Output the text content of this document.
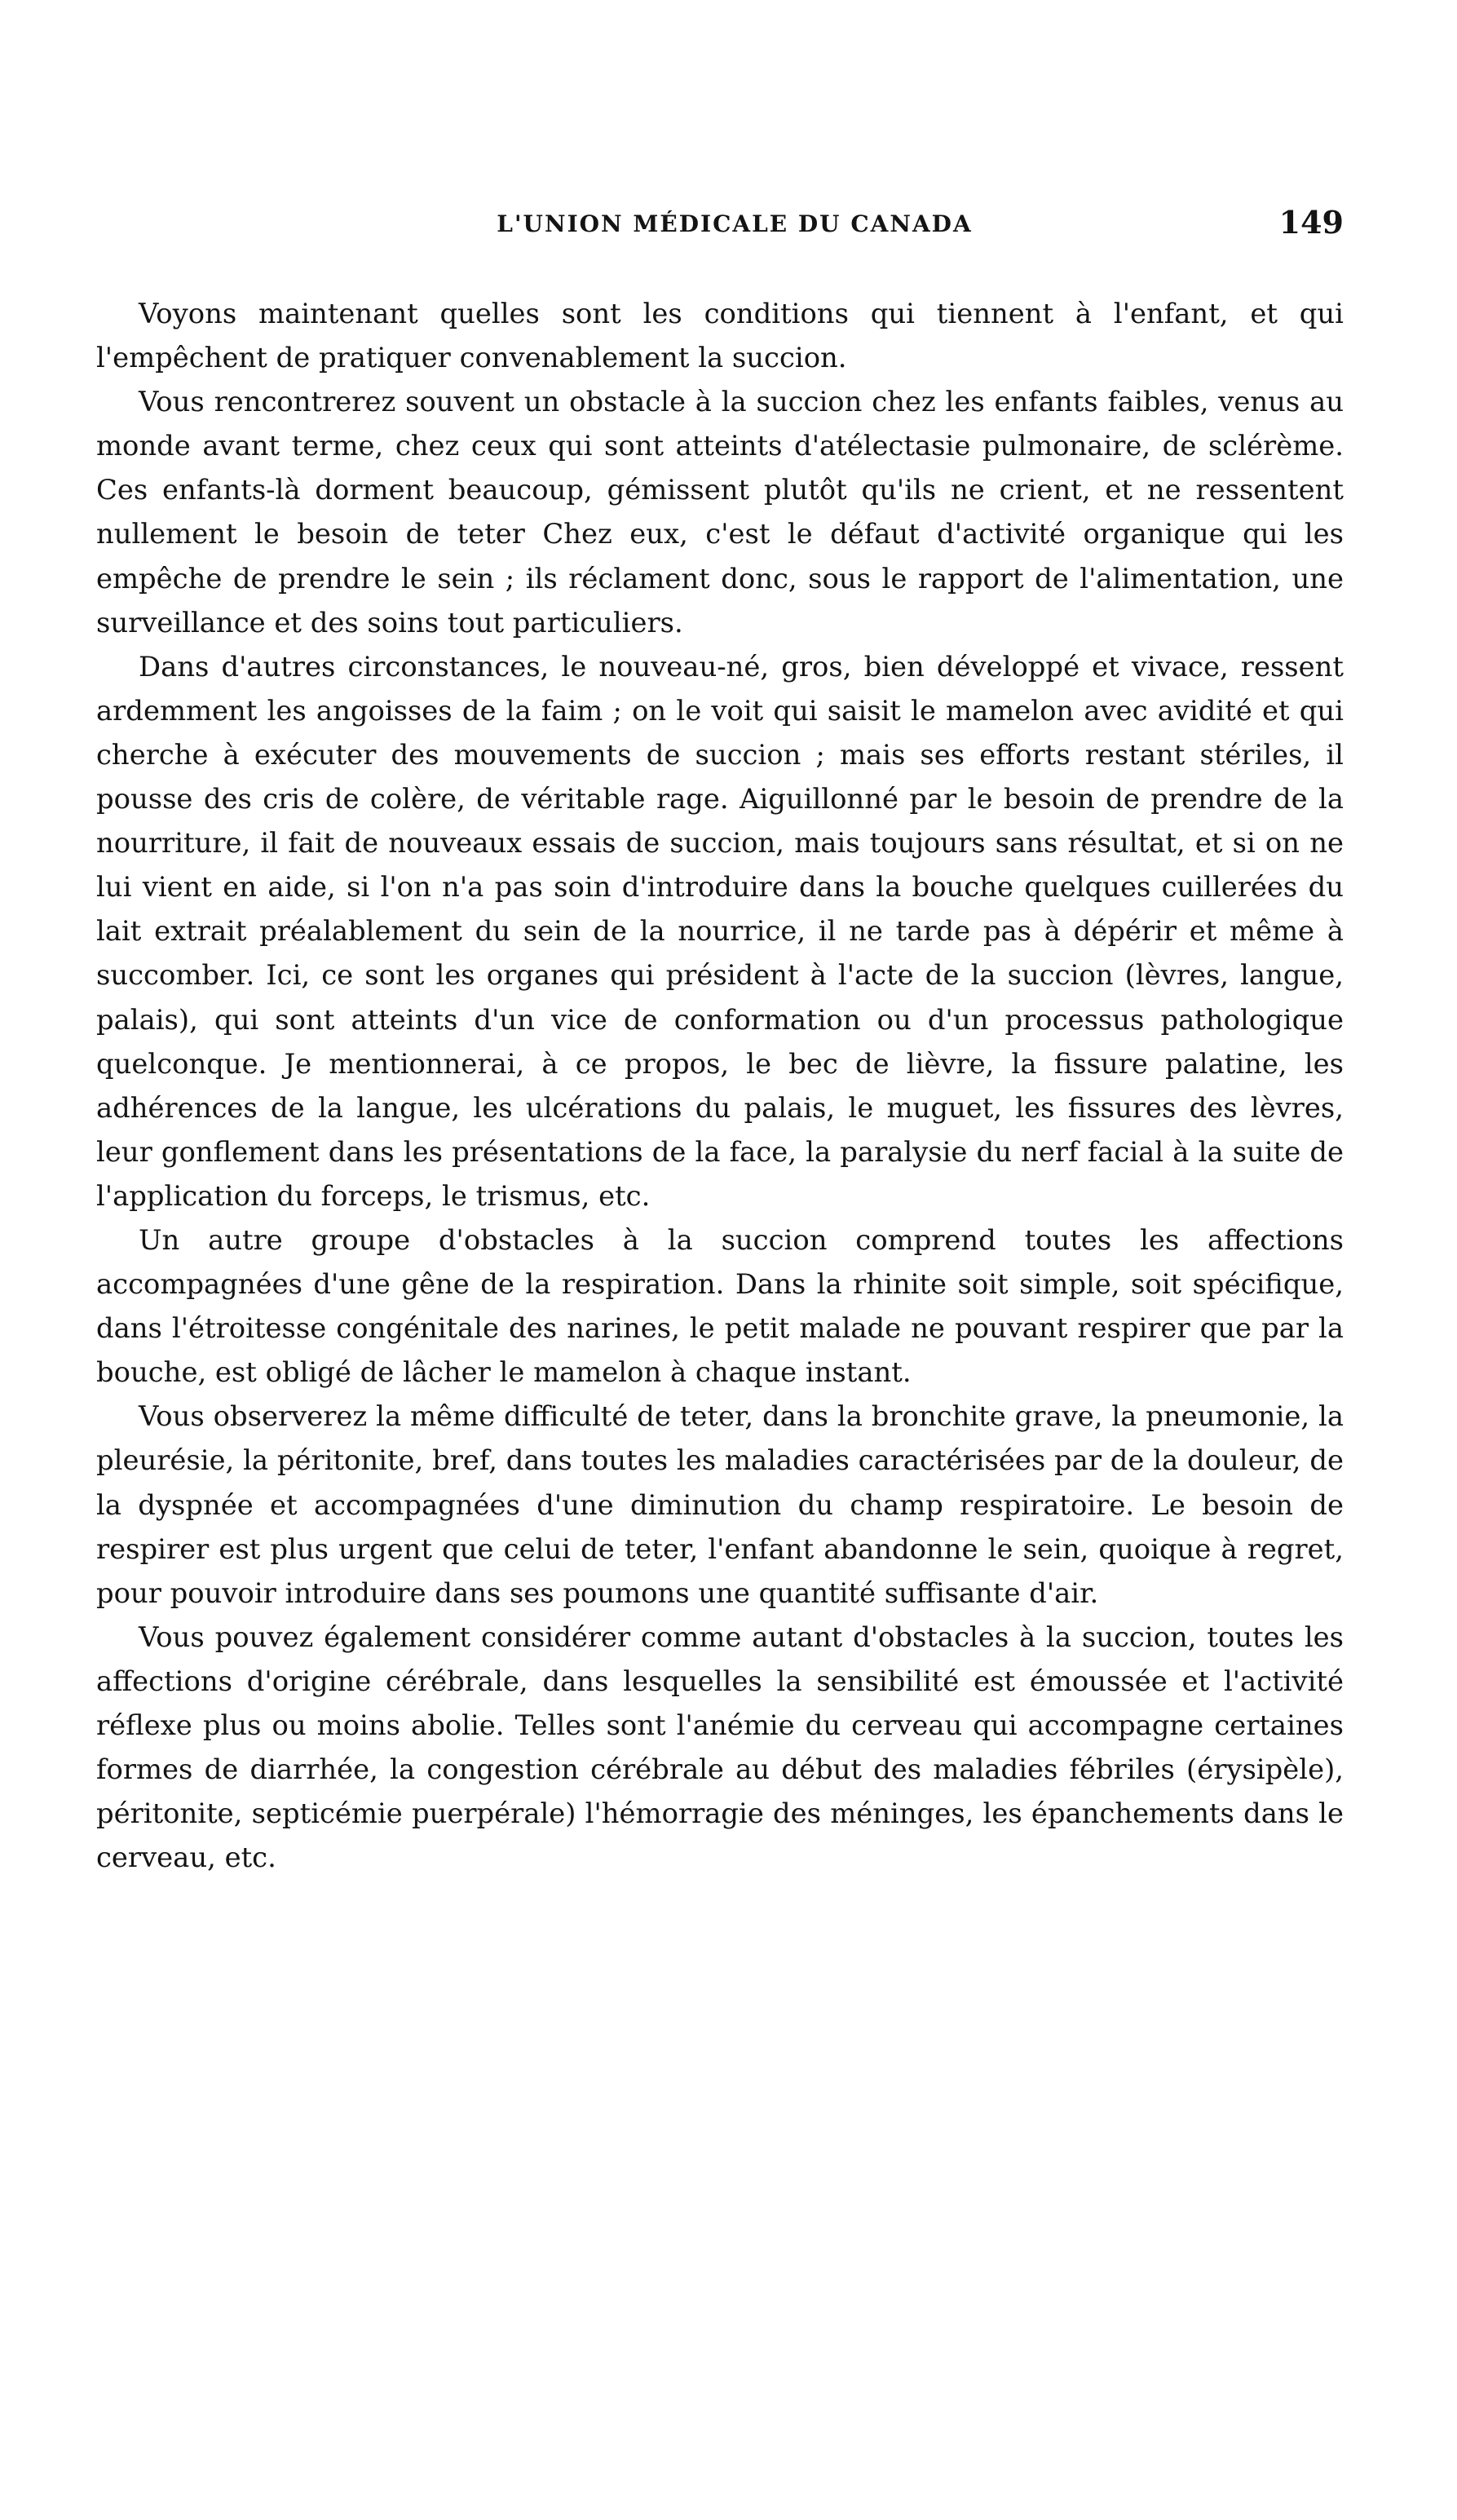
L'UNION MÉDICALE DU CANADA	149

Voyons maintenant quelles sont les conditions qui tiennent à l'enfant, et qui l'empêchent de pratiquer convenablement la succion.

Vous rencontrerez souvent un obstacle à la succion chez les enfants faibles, venus au monde avant terme, chez ceux qui sont atteints d'atélectasie pulmonaire, de sclérème. Ces enfants-là dorment beaucoup, gémissent plutôt qu'ils ne crient, et ne ressentent nullement le besoin de teter Chez eux, c'est le défaut d'activité organique qui les empêche de prendre le sein ; ils réclament donc, sous le rapport de l'alimentation, une surveillance et des soins tout particuliers.

Dans d'autres circonstances, le nouveau-né, gros, bien développé et vivace, ressent ardemment les angoisses de la faim ; on le voit qui saisit le mamelon avec avidité et qui cherche à exécuter des mouvements de succion ; mais ses efforts restant stériles, il pousse des cris de colère, de véritable rage. Aiguillonné par le besoin de prendre de la nourriture, il fait de nouveaux essais de succion, mais toujours sans résultat, et si on ne lui vient en aide, si l'on n'a pas soin d'introduire dans la bouche quelques cuillerées du lait extrait préalablement du sein de la nourrice, il ne tarde pas à dépérir et même à succomber. Ici, ce sont les organes qui président à l'acte de la succion (lèvres, langue, palais), qui sont atteints d'un vice de conformation ou d'un processus pathologique quelconque. Je mentionnerai, à ce propos, le bec de lièvre, la fissure palatine, les adhérences de la langue, les ulcérations du palais, le muguet, les fissures des lèvres, leur gonflement dans les présentations de la face, la paralysie du nerf facial à la suite de l'application du forceps, le trismus, etc.

Un autre groupe d'obstacles à la succion comprend toutes les affections accompagnées d'une gêne de la respiration. Dans la rhinite soit simple, soit spécifique, dans l'étroitesse congénitale des narines, le petit malade ne pouvant respirer que par la bouche, est obligé de lâcher le mamelon à chaque instant.

Vous observerez la même difficulté de teter, dans la bronchite grave, la pneumonie, la pleurésie, la péritonite, bref, dans toutes les maladies caractérisées par de la douleur, de la dyspnée et accompagnées d'une diminution du champ respiratoire. Le besoin de respirer est plus urgent que celui de teter, l'enfant abandonne le sein, quoique à regret, pour pouvoir introduire dans ses poumons une quantité suffisante d'air.

Vous pouvez également considérer comme autant d'obstacles à la succion, toutes les affections d'origine cérébrale, dans lesquelles la sensibilité est émoussée et l'activité réflexe plus ou moins abolie. Telles sont l'anémie du cerveau qui accompagne certaines formes de diarrhée, la congestion cérébrale au début des maladies fébriles (érysipèle), péritonite, septicémie puerpérale) l'hémorragie des méninges, les épanchements dans le cerveau, etc.
